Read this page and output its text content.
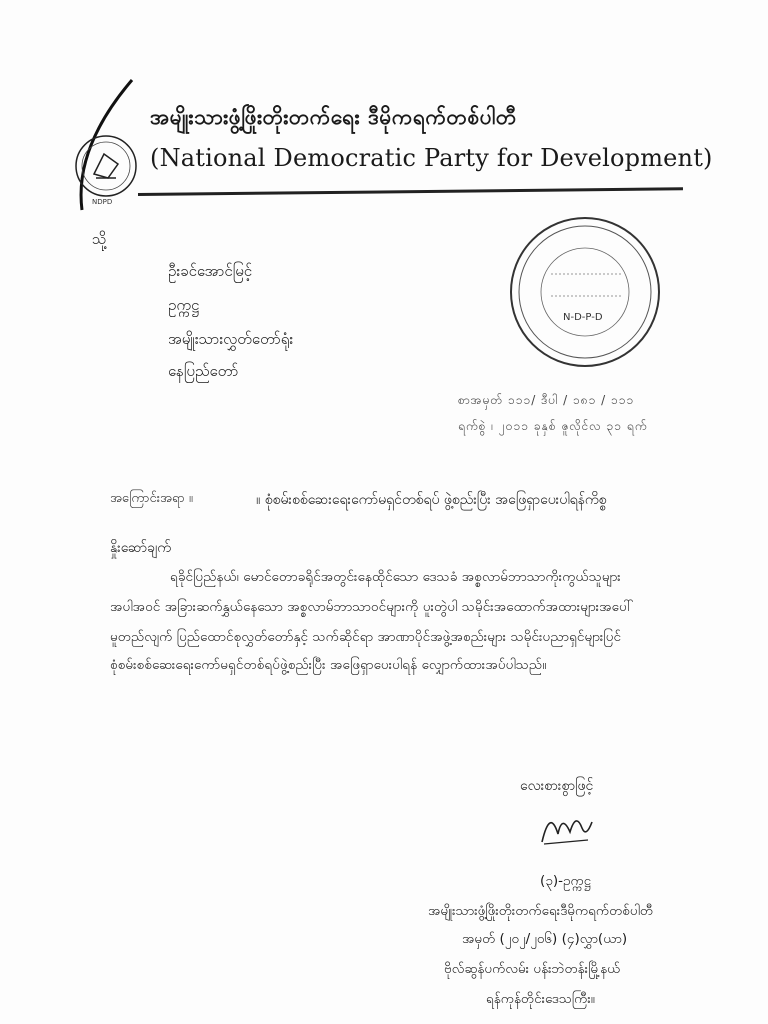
NDPD
အမျိုးသားဖွံ့ဖြိုးတိုးတက်ရေး ဒီမိုကရက်တစ်ပါတီ
(National Democratic Party for Development)
N-D-P-D
သို့
ဦးခင်အောင်မြင့်
ဥက္ကဋ္ဌ
အမျိုးသားလွှတ်တော်ရုံး
နေပြည်တော်
စာအမှတ် ၁၁၁/ ဒီပါ / ၁၈၁ / ၁၁၁
ရက်စွဲ ၊ ၂၀၁၁ ခုနှစ် ဇူလိုင်လ ၃၁ ရက်
အကြောင်းအရာ ။	။ စုံစမ်းစစ်ဆေးရေးကော်မရှင်တစ်ရပ် ဖွဲ့စည်းပြီး အဖြေရှာပေးပါရန်ကိစ္စ
နှိုးဆော်ချက်
ရခိုင်ပြည်နယ်၊ မောင်တောခရိုင်အတွင်းနေထိုင်သော ဒေသခံ အစ္စလာမ်ဘာသာကိုးကွယ်သူများ
အပါအဝင် အခြားဆက်နွှယ်နေသော အစ္စလာမ်ဘာသာဝင်များကို ပူးတွဲပါ သမိုင်းအထောက်အထားများအပေါ်
မူတည်လျက် ပြည်ထောင်စုလွှတ်တော်နှင့် သက်ဆိုင်ရာ အာဏာပိုင်အဖွဲ့အစည်းများ သမိုင်းပညာရှင်များပြင်
စုံစမ်းစစ်ဆေးရေးကော်မရှင်တစ်ရပ်ဖွဲ့စည်းပြီး အဖြေရှာပေးပါရန် လျှောက်ထားအပ်ပါသည်။
လေးစားစွာဖြင့်
(၃)-ဥက္ကဋ္ဌ
အမျိုးသားဖွံ့ဖြိုးတိုးတက်ရေးဒီမိုကရက်တစ်ပါတီ
အမှတ် (၂၀၂/၂၀၆) (၄)လွှာ(ယာ)
ဗိုလ်ဆွန်ပက်လမ်း ပန်းဘဲတန်းမြို့နယ်
ရန်ကုန်တိုင်းဒေသကြီး။
